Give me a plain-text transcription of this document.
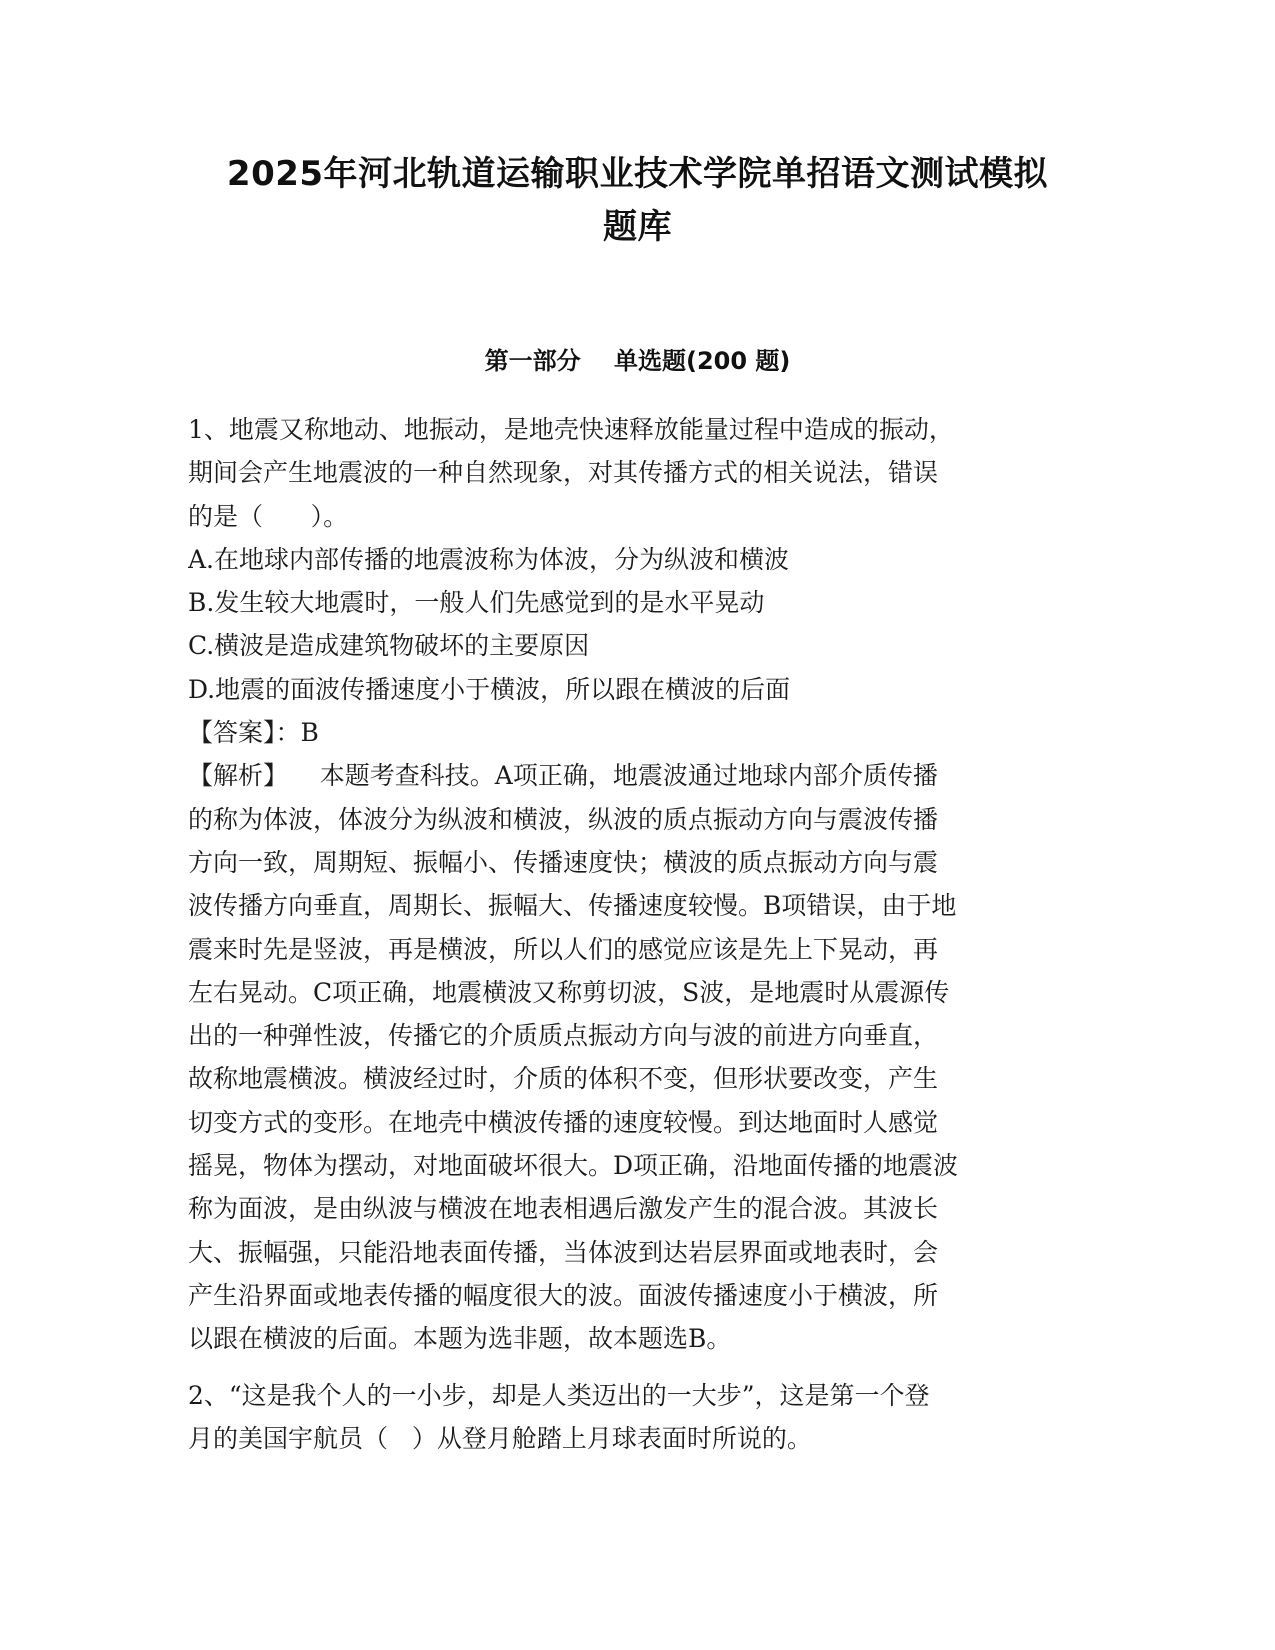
2025年河北轨道运输职业技术学院单招语文测试模拟
题库
第一部分    单选题(200 题)
1、地震又称地动、地振动，是地壳快速释放能量过程中造成的振动，
期间会产生地震波的一种自然现象，对其传播方式的相关说法，错误
的是（      ）。
A.在地球内部传播的地震波称为体波，分为纵波和横波
B.发生较大地震时，一般人们先感觉到的是水平晃动
C.横波是造成建筑物破坏的主要原因
D.地震的面波传播速度小于横波，所以跟在横波的后面
【答案】：B
【解析】    本题考查科技。A项正确，地震波通过地球内部介质传播
的称为体波，体波分为纵波和横波，纵波的质点振动方向与震波传播
方向一致，周期短、振幅小、传播速度快；横波的质点振动方向与震
波传播方向垂直，周期长、振幅大、传播速度较慢。B项错误，由于地
震来时先是竖波，再是横波，所以人们的感觉应该是先上下晃动，再
左右晃动。C项正确，地震横波又称剪切波，S波，是地震时从震源传
出的一种弹性波，传播它的介质质点振动方向与波的前进方向垂直，
故称地震横波。横波经过时，介质的体积不变，但形状要改变，产生
切变方式的变形。在地壳中横波传播的速度较慢。到达地面时人感觉
摇晃，物体为摆动，对地面破坏很大。D项正确，沿地面传播的地震波
称为面波，是由纵波与横波在地表相遇后激发产生的混合波。其波长
大、振幅强，只能沿地表面传播，当体波到达岩层界面或地表时，会
产生沿界面或地表传播的幅度很大的波。面波传播速度小于横波，所
以跟在横波的后面。本题为选非题，故本题选B。
2、“这是我个人的一小步，却是人类迈出的一大步”，这是第一个登
月的美国宇航员（   ）从登月舱踏上月球表面时所说的。
